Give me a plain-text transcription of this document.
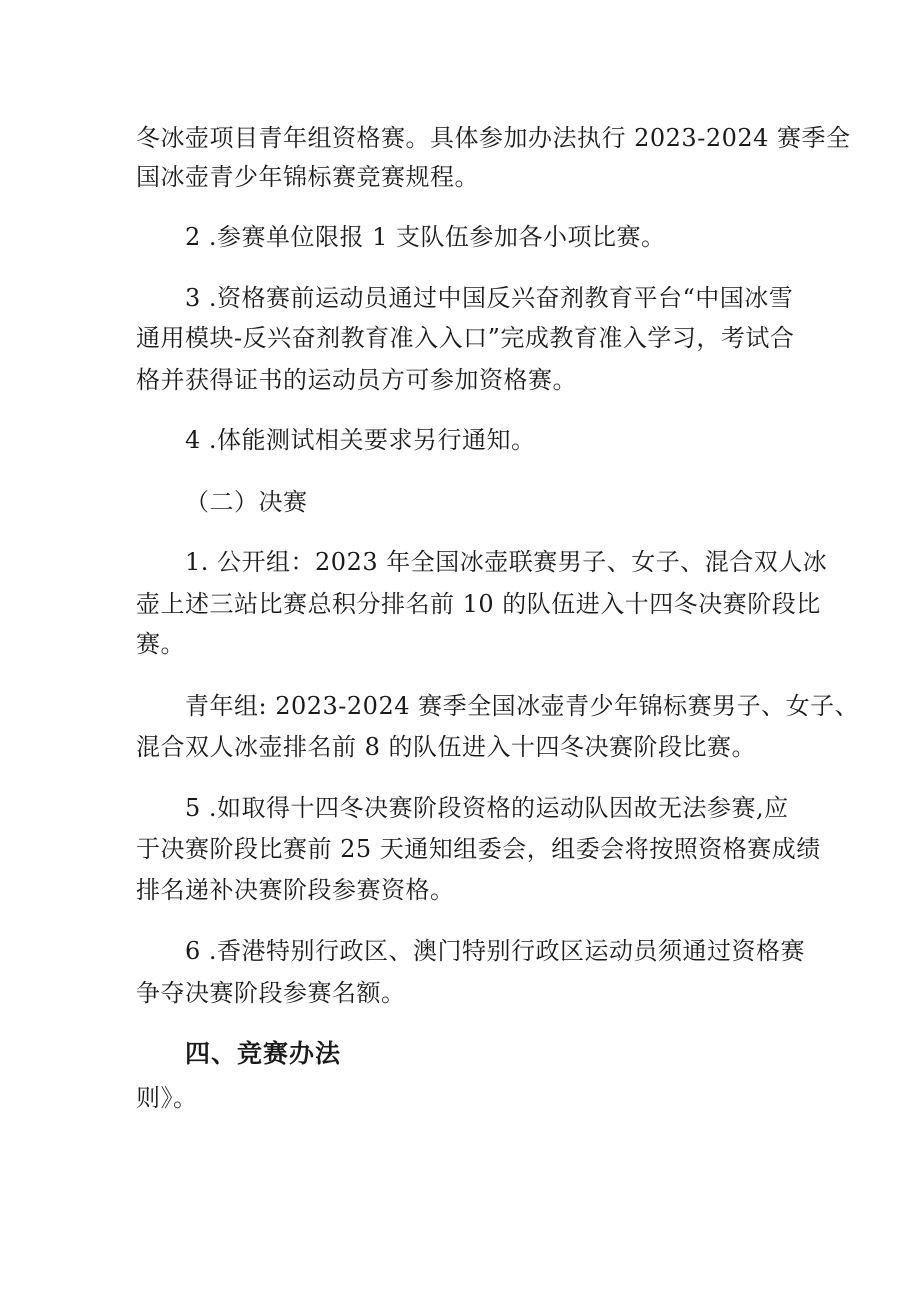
冬冰壶项目青年组资格赛。具体参加办法执行 2023-2024 赛季全

国冰壶青少年锦标赛竞赛规程。

2 .参赛单位限报 1 支队伍参加各小项比赛。

3 .资格赛前运动员通过中国反兴奋剂教育平台“中国冰雪

通用模块-反兴奋剂教育准入入口”完成教育准入学习，考试合

格并获得证书的运动员方可参加资格赛。

4 .体能测试相关要求另行通知。

（二）决赛

1. 公开组：2023 年全国冰壶联赛男子、女子、混合双人冰

壶上述三站比赛总积分排名前 10 的队伍进入十四冬决赛阶段比

赛。

青年组: 2023-2024 赛季全国冰壶青少年锦标赛男子、女子、

混合双人冰壶排名前 8 的队伍进入十四冬决赛阶段比赛。

5 .如取得十四冬决赛阶段资格的运动队因故无法参赛,应

于决赛阶段比赛前 25 天通知组委会，组委会将按照资格赛成绩

排名递补决赛阶段参赛资格。

6 .香港特别行政区、澳门特别行政区运动员须通过资格赛

争夺决赛阶段参赛名额。

四、竞赛办法

则》。
